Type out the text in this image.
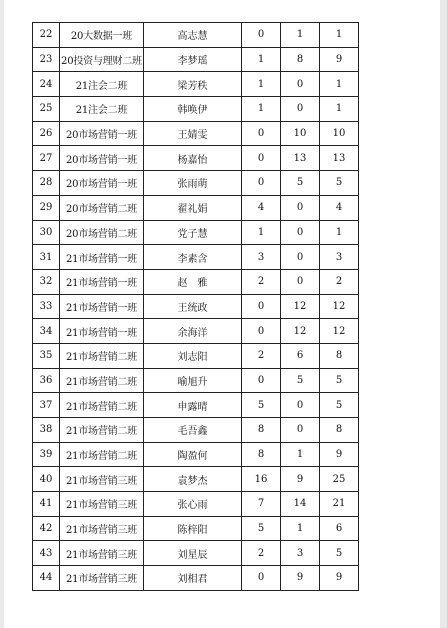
22	20大数据一班	高志慧	0	1	1
23	20投资与理财二班	李梦瑶	1	8	9
24	21注会二班	梁芳秩	1	0	1
25	21注会二班	韩唤伊	1	0	1
26	20市场营销一班	王婧雯	0	10	10
27	20市场营销一班	杨嘉怡	0	13	13
28	20市场营销一班	张雨萌	0	5	5
29	20市场营销二班	翟礼娟	4	0	4
30	20市场营销二班	党子慧	1	0	1
31	21市场营销一班	李素含	3	0	3
32	21市场营销一班	赵　雅	2	0	2
33	21市场营销一班	王统政	0	12	12
34	21市场营销一班	余海洋	0	12	12
35	21市场营销二班	刘志阳	2	6	8
36	21市场营销二班	喻旭升	0	5	5
37	21市场营销二班	申露晴	5	0	5
38	21市场营销二班	毛吾鑫	8	0	8
39	21市场营销二班	陶盈何	8	1	9
40	21市场营销三班	袁梦杰	16	9	25
41	21市场营销三班	张心雨	7	14	21
42	21市场营销三班	陈梓阳	5	1	6
43	21市场营销三班	刘星辰	2	3	5
44	21市场营销三班	刘相君	0	9	9
